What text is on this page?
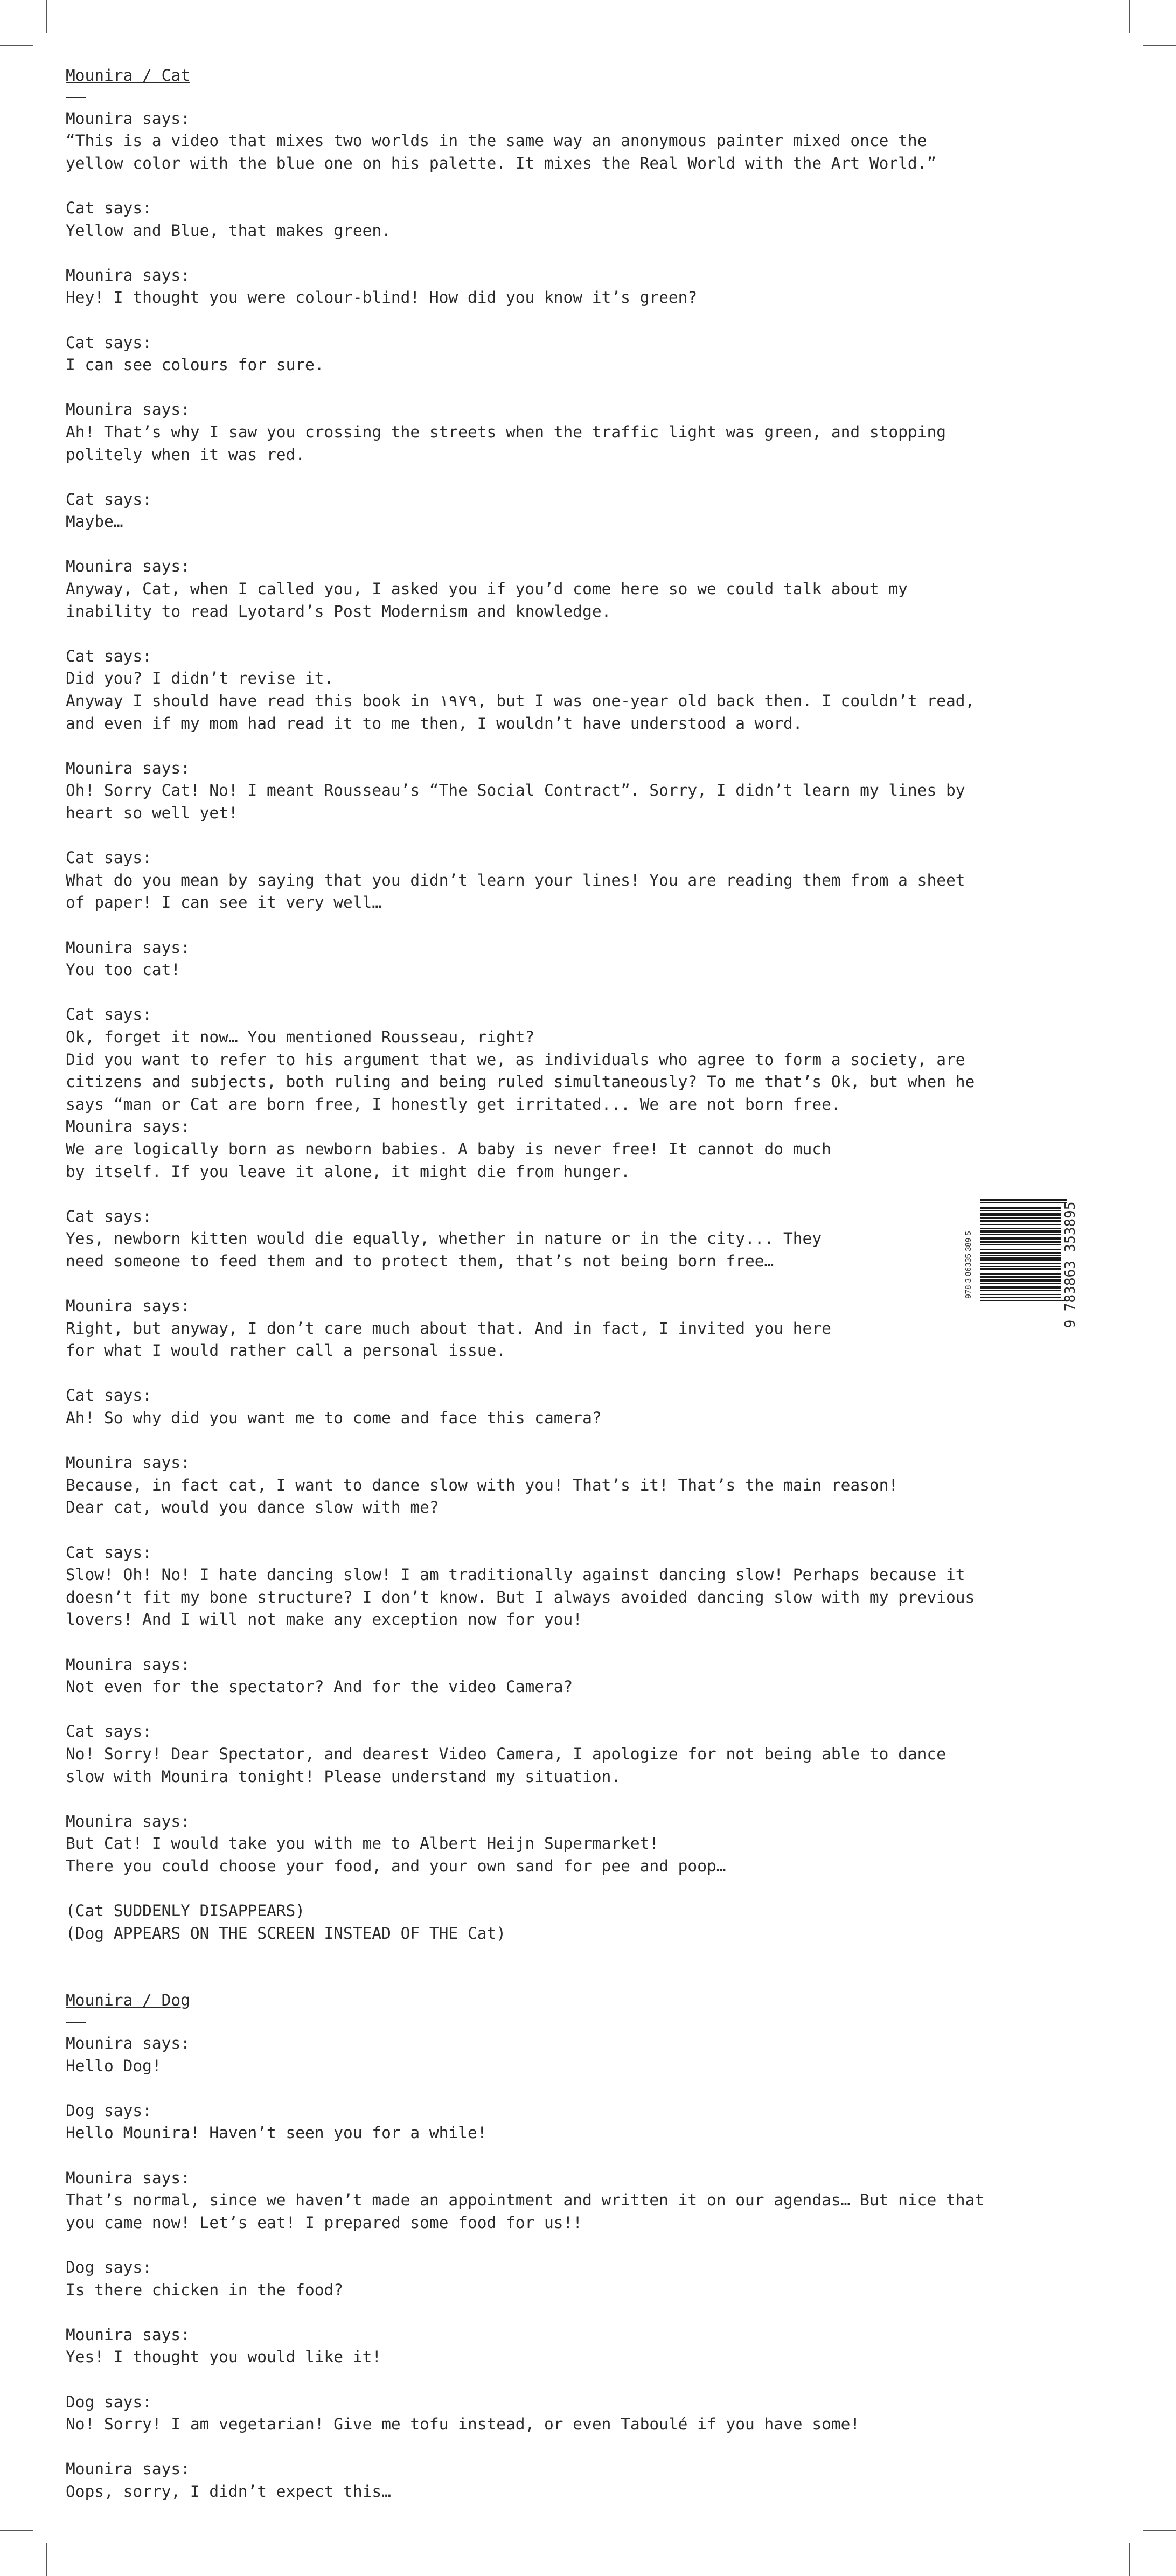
Mounira / Cat
Mounira says:
“This is a video that mixes two worlds in the same way an anonymous painter mixed once the
yellow color with the blue one on his palette. It mixes the Real World with the Art World.”
Cat says:
Yellow and Blue, that makes green.
Mounira says:
Hey! I thought you were colour-blind! How did you know it’s green?
Cat says:
I can see colours for sure.
Mounira says:
Ah! That’s why I saw you crossing the streets when the traffic light was green, and stopping
politely when it was red.
Cat says:
Maybe…
Mounira says:
Anyway, Cat, when I called you, I asked you if you’d come here so we could talk about my
inability to read Lyotard’s Post Modernism and knowledge.
Cat says:
Did you? I didn’t revise it.
Anyway I should have read this book in ۱۹۷۹, but I was one-year old back then. I couldn’t read,
and even if my mom had read it to me then, I wouldn’t have understood a word.
Mounira says:
Oh! Sorry Cat! No! I meant Rousseau’s “The Social Contract”. Sorry, I didn’t learn my lines by
heart so well yet!
Cat says:
What do you mean by saying that you didn’t learn your lines! You are reading them from a sheet
of paper! I can see it very well…
Mounira says:
You too cat!
Cat says:
Ok, forget it now… You mentioned Rousseau, right?
Did you want to refer to his argument that we, as individuals who agree to form a society, are
citizens and subjects, both ruling and being ruled simultaneously? To me that’s Ok, but when he
says “man or Cat are born free, I honestly get irritated... We are not born free.
Mounira says:
We are logically born as newborn babies. A baby is never free! It cannot do much
by itself. If you leave it alone, it might die from hunger.
Cat says:
Yes, newborn kitten would die equally, whether in nature or in the city... They
need someone to feed them and to protect them, that’s not being born free…
Mounira says:
Right, but anyway, I don’t care much about that. And in fact, I invited you here
for what I would rather call a personal issue.
Cat says:
Ah! So why did you want me to come and face this camera?
Mounira says:
Because, in fact cat, I want to dance slow with you! That’s it! That’s the main reason!
Dear cat, would you dance slow with me?
Cat says:
Slow! Oh! No! I hate dancing slow! I am traditionally against dancing slow! Perhaps because it
doesn’t fit my bone structure? I don’t know. But I always avoided dancing slow with my previous
lovers! And I will not make any exception now for you!
Mounira says:
Not even for the spectator? And for the video Camera?
Cat says:
No! Sorry! Dear Spectator, and dearest Video Camera, I apologize for not being able to dance
slow with Mounira tonight! Please understand my situation.
Mounira says:
But Cat! I would take you with me to Albert Heijn Supermarket!
There you could choose your food, and your own sand for pee and poop…
(Cat SUDDENLY DISAPPEARS)
(Dog APPEARS ON THE SCREEN INSTEAD OF THE Cat)
Mounira / Dog
Mounira says:
Hello Dog!
Dog says:
Hello Mounira! Haven’t seen you for a while!
Mounira says:
That’s normal, since we haven’t made an appointment and written it on our agendas… But nice that
you came now! Let’s eat! I prepared some food for us!!
Dog says:
Is there chicken in the food?
Mounira says:
Yes! I thought you would like it!
Dog says:
No! Sorry! I am vegetarian! Give me tofu instead, or even Taboulé if you have some!
Mounira says:
Oops, sorry, I didn’t expect this…
978 3 86335 389 5	9 783863 353895
